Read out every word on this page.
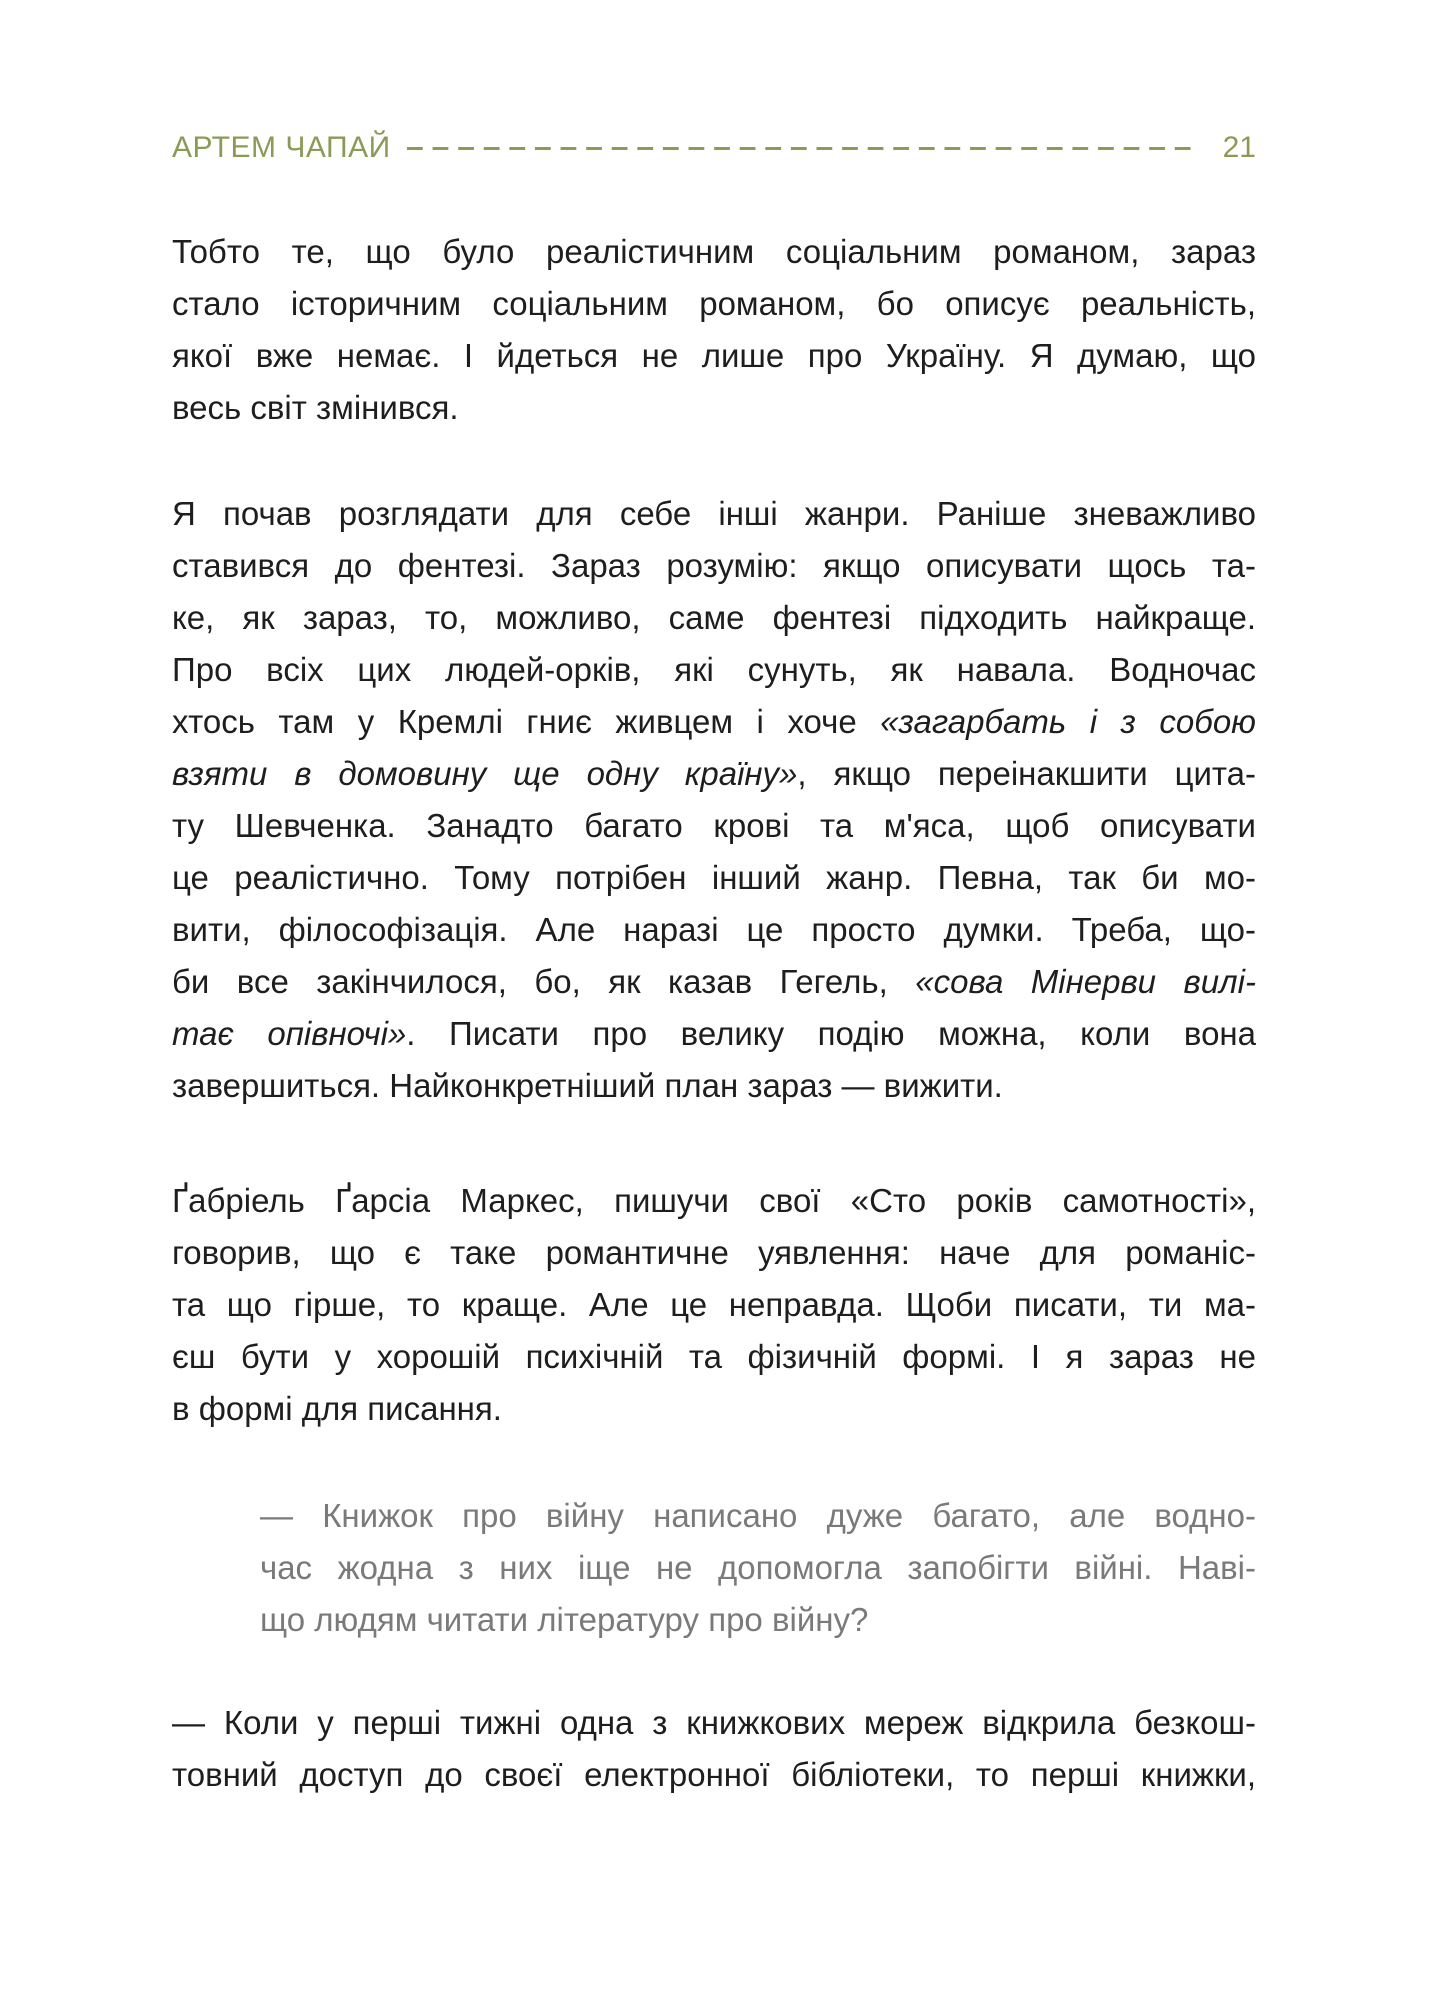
АРТЕМ ЧАПАЙ	21
Тобто те, що було реалістичним соціальним романом, зараз
стало історичним соціальним романом, бо описує реальність,
якої вже немає. І йдеться не лише про Україну. Я думаю, що
весь світ змінився.
Я почав розглядати для себе інші жанри. Раніше зневажливо
ставився до фентезі. Зараз розумію: якщо описувати щось та-
ке, як зараз, то, можливо, саме фентезі підходить найкраще.
Про всіх цих людей-орків, які сунуть, як навала. Водночас
хтось там у Кремлі гниє живцем і хоче «загарбать і з собою
взяти в домовину ще одну країну», якщо переінакшити цита-
ту Шевченка. Занадто багато крові та м'яса, щоб описувати
це реалістично. Тому потрібен інший жанр. Певна, так би мо-
вити, філософізація. Але наразі це просто думки. Треба, що-
би все закінчилося, бо, як казав Гегель, «сова Мінерви вилі-
тає опівночі». Писати про велику подію можна, коли вона
завершиться. Найконкретніший план зараз — вижити.
Ґабріель Ґарсіа Маркес, пишучи свої «Сто років самотності»,
говорив, що є таке романтичне уявлення: наче для романіс-
та що гірше, то краще. Але це неправда. Щоби писати, ти ма-
єш бути у хорошій психічній та фізичній формі. І я зараз не
в формі для писання.
— Книжок про війну написано дуже багато, але водно-
час жодна з них іще не допомогла запобігти війні. Наві-
що людям читати літературу про війну?
— Коли у перші тижні одна з книжкових мереж відкрила безкош-
товний доступ до своєї електронної бібліотеки, то перші книжки,
